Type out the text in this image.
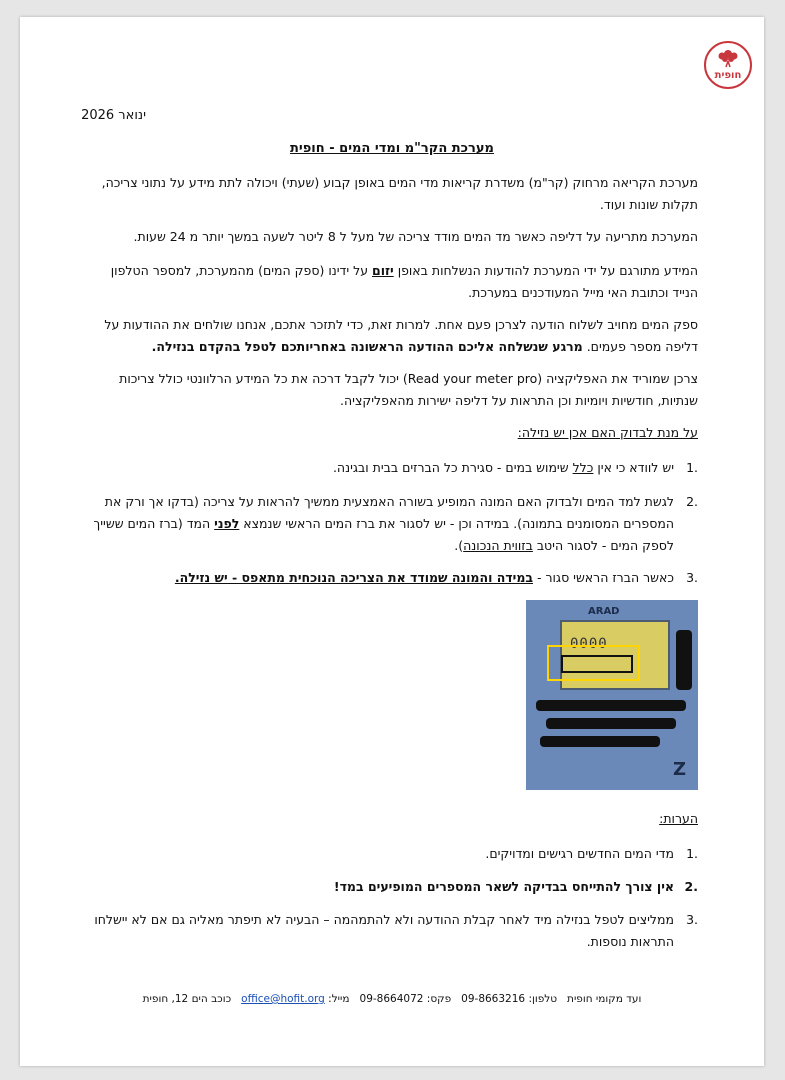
חופית
ינואר 2026
מערכת הקר"מ ומדי המים - חופית
מערכת הקריאה מרחוק (קר"מ) משדרת קריאות מדי המים באופן קבוע (שעתי) ויכולה לתת מידע על נתוני צריכה, תקלות שונות ועוד.
המערכת מתריעה על דליפה כאשר מד המים מודד צריכה של מעל ל 8 ליטר לשעה במשך יותר מ 24 שעות.
המידע מתורגם על ידי המערכת להודעות הנשלחות באופן יזום על ידינו (ספק המים) מהמערכת, למספר הטלפון הנייד וכתובת האי מייל המעודכנים במערכת.
ספק המים מחויב לשלוח הודעה לצרכן פעם אחת. למרות זאת, כדי לתזכר אתכם, אנחנו שולחים את ההודעות על דליפה מספר פעמים. מרגע שנשלחה אליכם ההודעה הראשונה באחריותכם לטפל בהקדם בנזילה.
צרכן שמוריד את האפליקציה (Read your meter pro) יכול לקבל דרכה את כל המידע הרלוונטי כולל צריכות שנתיות, חודשיות ויומיות וכן התראות על דליפה ישירות מהאפליקציה.
על מנת לבדוק האם אכן יש נזילה:
1.
יש לוודא כי אין כלל שימוש במים - סגירת כל הברזים בבית ובגינה.
2.
לגשת למד המים ולבדוק האם המונה המופיע בשורה האמצעית ממשיך להראות על צריכה (בדקו אך ורק את המספרים המסומנים בתמונה). במידה וכן - יש לסגור את ברז המים הראשי שנמצא לפני המד (ברז המים ששייך לספק המים - לסגור היטב בזווית הנכונה).
3.
כאשר הברז הראשי סגור - במידה והמונה שמודד את הצריכה הנוכחית מתאפס - יש נזילה.
ARAD
0000
Z
הערות:
1.
מדי המים החדשים רגישים ומדויקים.
2.
אין צורך להתייחס בבדיקה לשאר המספרים המופיעים במד!
3.
ממליצים לטפל בנזילה מיד לאחר קבלת ההודעה ולא להתמהמה – הבעיה לא תיפתר מאליה גם אם לא יישלחו התראות נוספות.
ועד מקומי חופית   טלפון: 09-8663216   פקס: 09-8664072   מייל: office@hofit.org   כוכב הים 12, חופית
